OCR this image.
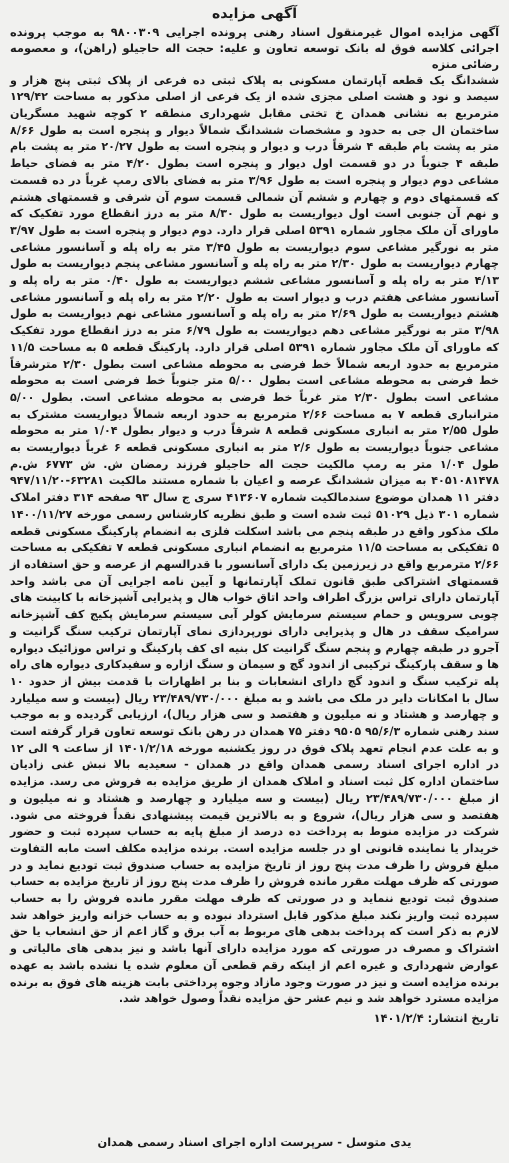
آگهی مزایده

آگهی مزایده اموال غیرمنقول اسناد رهنی پرونده اجرایی ۹۸۰۰۳۰۹ به موجب پرونده اجرائی کلاسه فوق له بانک توسعه تعاون و علیه: حجت اله حاجیلو (راهن)، و معصومه رضائی منزه

ششدانگ یک قطعه آپارتمان مسکونی به پلاک ثبتی ده فرعی از پلاک ثبتی پنج هزار و سیصد و نود و هشت اصلی مجزی شده از یک فرعی از اصلی مذکور به مساحت ۱۲۹/۴۲ مترمربع به نشانی همدان خ تختی مقابل شهرداری منطقه ۲ کوچه شهید مسگریان ساختمان ال جی به حدود و مشخصات ششدانگ شمالاً دیوار و پنجره است به طول ۸/۶۶ متر به پشت بام طبقه ۴ شرقاً درب و دیوار و پنجره است به طول ۲۰/۲۷ متر به پشت بام طبقه ۴ جنوباً در دو قسمت اول دیوار و پنجره است بطول ۴/۲۰ متر به فضای حیاط مشاعی دوم دیوار و پنجره است به طول ۳/۹۶ متر به فضای بالای رمپ غرباً در ده قسمت که قسمتهای دوم و چهارم و ششم آن شمالی قسمت سوم آن شرقی و قسمتهای هشتم و نهم آن جنوبی است اول دیواریست به طول ۸/۳۰ متر به درز انقطاع مورد تفکیک که ماورای آن ملک مجاور شماره ۵۳۹۱ اصلی قرار دارد. دوم دیوار و پنجره است به طول ۳/۹۷ متر به نورگیر مشاعی سوم دیواریست به طول ۳/۴۵ متر به راه پله و آسانسور مشاعی چهارم دیواریست به طول ۲/۳۰ متر به راه پله و آسانسور مشاعی پنجم دیواریست به طول ۴/۱۳ متر به راه پله و آسانسور مشاعی ششم دیواریست به طول ۰/۴۰ متر به راه پله و آسانسور مشاعی هفتم درب و دیوار است به طول ۲/۲۰ متر به راه پله و آسانسور مشاعی هشتم دیواریست به طول ۲/۶۹ متر به راه پله و آسانسور مشاعی نهم دیواریست به طول ۳/۹۸ متر به نورگیر مشاعی دهم دیواریست به طول ۶/۷۹ متر به درز انقطاع مورد تفکیک که ماورای آن ملک مجاور شماره ۵۳۹۱ اصلی قرار دارد. پارکینگ قطعه ۵ به مساحت ۱۱/۵ مترمربع به حدود اربعه شمالاً خط فرضی به محوطه مشاعی است بطول ۲/۳۰ مترشرقاً خط فرضی به محوطه مشاعی است بطول ۵/۰۰ متر جنوباً خط فرضی است به محوطه مشاعی است بطول ۲/۳۰ متر غرباً خط فرضی به محوطه مشاعی است. بطول ۵/۰۰ مترانباری قطعه ۷ به مساحت ۲/۶۶ مترمربع به حدود اربعه شمالاً دیواریست مشترک به طول ۲/۵۵ متر به انباری مسکونی قطعه ۸ شرقاً درب و دیوار بطول ۱/۰۴ متر به محوطه مشاعی جنوباً دیواریست به طول ۲/۶ متر به انباری مسکونی قطعه ۶ غرباً دیواریست به طول ۱/۰۴ متر به رمپ مالکیت حجت اله حاجیلو فرزند رمضان ش. ش ۶۷۷۳ ش.م ۴۰۵۱۰۸۱۴۷۸ به میزان ششدانگ عرصه و اعیان با شماره مستند مالکیت ۶۳۲۸۱-۹۴۷/۱۱/۲۰ دفتر ۱۱ همدان موضوع سندمالکیت شماره ۴۱۳۶۰۷ سری ج سال ۹۳ صفحه ۳۱۴ دفتر املاک شماره ۳۰۱ ذیل ۵۱۰۲۹ ثبت شده است و طبق نظریه کارشناس رسمی مورخه ۱۴۰۰/۱۱/۲۷ ملک مذکور واقع در طبقه پنجم می باشد اسکلت فلزی به انضمام پارکینگ مسکونی قطعه ۵ تفکیکی به مساحت ۱۱/۵ مترمربع به انضمام انباری مسکونی قطعه ۷ تفکیکی به مساحت ۲/۶۶ مترمربع واقع در زیرزمین یک دارای آسانسور با قدرالسهم از عرصه و حق استفاده از قسمتهای اشتراکی طبق قانون تملک آپارتمانها و آیین نامه اجرایی آن می باشد واحد آپارتمان دارای تراس بزرگ اطراف واحد اتاق خواب هال و پذیرایی آشپزخانه با کابینت های چوبی سرویس و حمام سیستم سرمایش کولر آبی سیستم سرمایش پکیج کف آشپزخانه سرامیک سقف در هال و پذیرایی دارای نورپردازی نمای آپارتمان ترکیب سنگ گرانیت و آجرو در طبقه چهارم و پنجم سنگ گرانیت کل بنیه ای کف پارکینگ و تراس موزائیک دیواره ها و سقف پارکینگ ترکیبی از اندود گچ و سیمان و سنگ ازاره و سفیدکاری دیواره های راه پله ترکیب سنگ و اندود گچ دارای انشعابات و بنا بر اظهارات با قدمت بیش از حدود ۱۰ سال با امکانات دایر در ملک می باشد و به مبلغ ۲۳/۴۸۹/۷۳۰/۰۰۰ ریال (بیست و سه میلیارد و چهارصد و هشتاد و نه میلیون و هفتصد و سی هزار ریال)، ارزیابی گردیده و به موجب سند رهنی شماره ۹۵/۶/۳ ۹۵۰۵ دفتر ۷۵ همدان در رهن بانک توسعه تعاون قرار گرفته است و به علت عدم انجام تعهد پلاک فوق در روز یکشنبه مورخه ۱۴۰۱/۲/۱۸ از ساعت ۹ الی ۱۲ در اداره اجرای اسناد رسمی همدان واقع در همدان - سعیدیه بالا نبش غنی زادیان ساختمان اداره کل ثبت اسناد و املاک همدان از طریق مزایده به فروش می رسد. مزایده از مبلغ ۲۳/۴۸۹/۷۳۰/۰۰۰ ریال (بیست و سه میلیارد و چهارصد و هشتاد و نه میلیون و هفتصد و سی هزار ریال)، شروع و به بالاترین قیمت پیشنهادی نقداً فروخته می شود. شرکت در مزایده منوط به پرداخت ده درصد از مبلغ پایه به حساب سپرده ثبت و حضور خریدار یا نماینده قانونی او در جلسه مزایده است. برنده مزایده مکلف است مابه التفاوت مبلغ فروش را ظرف مدت پنج روز از تاریخ مزایده به حساب صندوق ثبت تودیع نماید و در صورتی که ظرف مهلت مقرر مانده فروش را ظرف مدت پنج روز از تاریخ مزایده به حساب صندوق ثبت تودیع ننماید و در صورتی که ظرف مهلت مقرر مانده فروش را به حساب سپرده ثبت واریز نکند مبلغ مذکور قابل استرداد نبوده و به حساب خزانه واریز خواهد شد لازم به ذکر است که پرداخت بدهی های مربوط به آب برق و گاز اعم از حق انشعاب یا حق اشتراک و مصرف در صورتی که مورد مزایده دارای آنها باشد و نیز بدهی های مالیاتی و عوارض شهرداری و غیره اعم از اینکه رقم قطعی آن معلوم شده یا نشده باشد به عهده برنده مزایده است و نیز در صورت وجود مازاد وجوه پرداختی بابت هزینه های فوق به برنده مزایده مسترد خواهد شد و نیم عشر حق مزایده نقداً وصول خواهد شد.

تاریخ انتشار: ۱۴۰۱/۲/۴

یدی متوسل - سرپرست اداره اجرای اسناد رسمی همدان
